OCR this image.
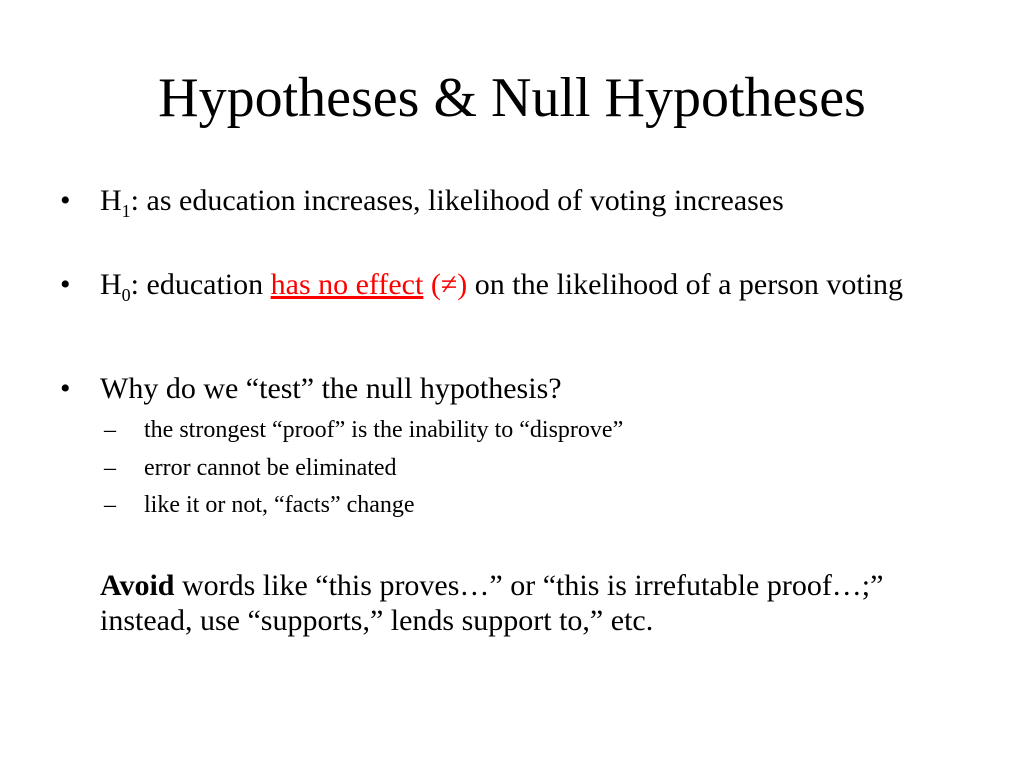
Hypotheses & Null Hypotheses
• $H_1$: as education increases, likelihood of voting increases
• $H_0$: education has no effect (≠) on the likelihood of a person voting
• Why do we “test” the null hypothesis?
– the strongest “proof” is the inability to “disprove”
– error cannot be eliminated
– like it or not, “facts” change
Avoid words like “this proves…” or “this is irrefutable proof…;” instead, use “supports,” lends support to,” etc.
